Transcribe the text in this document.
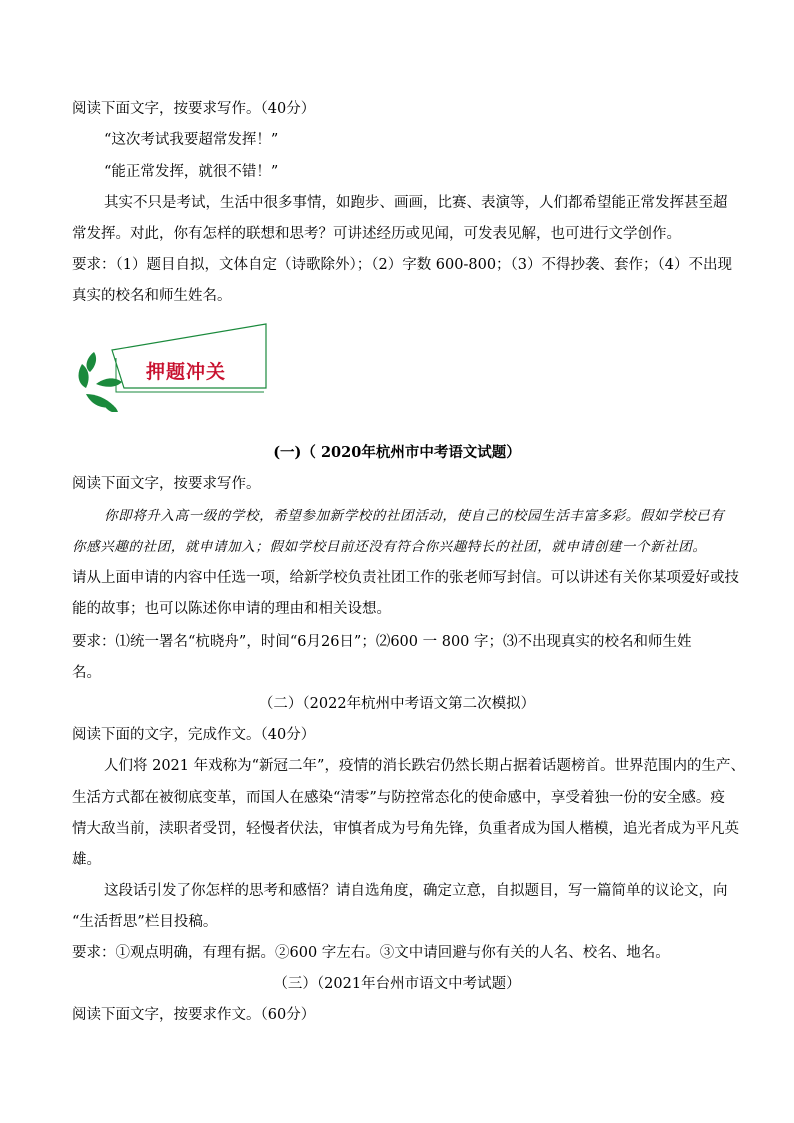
阅读下面文字，按要求写作。（40分）
“这次考试我要超常发挥！”
“能正常发挥，就很不错！”
其实不只是考试，生活中很多事情，如跑步、画画，比赛、表演等，人们都希望能正常发挥甚至超
常发挥。对此，你有怎样的联想和思考？可讲述经历或见闻，可发表见解，也可进行文学创作。
要求：（1）题目自拟，文体自定（诗歌除外）；（2）字数 600-800；（3）不得抄袭、套作；（4）不出现
真实的校名和师生姓名。
押题冲关
(一)（ 2020年杭州市中考语文试题）
阅读下面文字，按要求写作。
你即将升入高一级的学校，希望参加新学校的社团活动，使自己的校园生活丰富多彩。假如学校已有
你感兴趣的社团，就申请加入；假如学校目前还没有符合你兴趣特长的社团，就申请创建一个新社团。
请从上面申请的内容中任选一项，给新学校负责社团工作的张老师写封信。可以讲述有关你某项爱好或技
能的故事；也可以陈述你申请的理由和相关设想。
要求：⑴统一署名“杭晓舟”，时间“6月26日”；⑵600 一 800 字；⑶不出现真实的校名和师生姓
名。
（二）（2022年杭州中考语文第二次模拟）
阅读下面的文字，完成作文。（40分）
人们将 2021 年戏称为“新冠二年”，疫情的消长跌宕仍然长期占据着话题榜首。世界范围内的生产、
生活方式都在被彻底变革，而国人在感染“清零”与防控常态化的使命感中，享受着独一份的安全感。疫
情大敌当前，渎职者受罚，轻慢者伏法，审慎者成为号角先锋，负重者成为国人楷模，追光者成为平凡英
雄。
这段话引发了你怎样的思考和感悟？请自选角度，确定立意，自拟题目，写一篇简单的议论文，向
“生活哲思”栏目投稿。
要求：①观点明确，有理有据。②600 字左右。③文中请回避与你有关的人名、校名、地名。
（三）（2021年台州市语文中考试题）
阅读下面文字，按要求作文。（60分）
